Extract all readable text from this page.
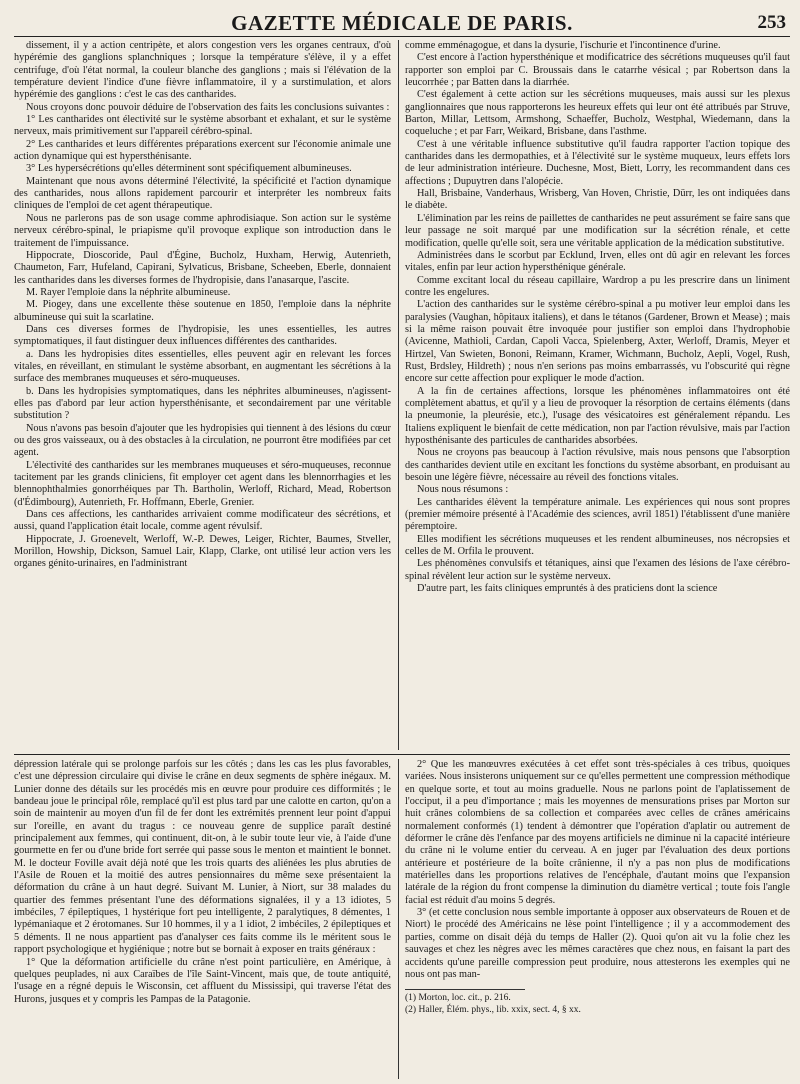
GAZETTE MÉDICALE DE PARIS.	253

dissement, il y a action centripète, et alors congestion vers les organes centraux, d'où hypérémie des ganglions splanchniques ; lorsque la température s'élève, il y a effet centrifuge, d'où l'état normal, la couleur blanche des ganglions ; mais si l'élévation de la température devient l'indice d'une fièvre inflammatoire, il y a surstimulation, et alors hypérémie des ganglions : c'est le cas des cantharides.

Nous croyons donc pouvoir déduire de l'observation des faits les conclusions suivantes :

1° Les cantharides ont électivité sur le système absorbant et exhalant, et sur le système nerveux, mais primitivement sur l'appareil cérébro-spinal.

2° Les cantharides et leurs différentes préparations exercent sur l'économie animale une action dynamique qui est hypersthénisante.

3° Les hypersécrétions qu'elles déterminent sont spécifiquement albumineuses.

Maintenant que nous avons déterminé l'électivité, la spécificité et l'action dynamique des cantharides, nous allons rapidement parcourir et interpréter les nombreux faits cliniques de l'emploi de cet agent thérapeutique.

Nous ne parlerons pas de son usage comme aphrodisiaque. Son action sur le système nerveux cérébro-spinal, le priapisme qu'il provoque explique son introduction dans le traitement de l'impuissance.

Hippocrate, Dioscoride, Paul d'Égine, Bucholz, Huxham, Herwig, Autenrieth, Chaumeton, Farr, Hufeland, Capirani, Sylvaticus, Brisbane, Scheeben, Eberle, donnaient les cantharides dans les diverses formes de l'hydropisie, dans l'anasarque, l'ascite.

M. Rayer l'emploie dans la néphrite albumineuse.

M. Piogey, dans une excellente thèse soutenue en 1850, l'emploie dans la néphrite albumineuse qui suit la scarlatine.

Dans ces diverses formes de l'hydropisie, les unes essentielles, les autres symptomatiques, il faut distinguer deux influences différentes des cantharides.

a. Dans les hydropisies dites essentielles, elles peuvent agir en relevant les forces vitales, en réveillant, en stimulant le système absorbant, en augmentant les sécrétions à la surface des membranes muqueuses et séro-muqueuses.

b. Dans les hydropisies symptomatiques, dans les néphrites albumineuses, n'agissent-elles pas d'abord par leur action hypersthénisante, et secondairement par une véritable substitution ?

Nous n'avons pas besoin d'ajouter que les hydropisies qui tiennent à des lésions du cœur ou des gros vaisseaux, ou à des obstacles à la circulation, ne pourront être modifiées par cet agent.

L'électivité des cantharides sur les membranes muqueuses et séro-muqueuses, reconnue tacitement par les grands cliniciens, fit employer cet agent dans les blennorrhagies et les blennophthalmies gonorrhéiques par Th. Bartholin, Werloff, Richard, Mead, Robertson (d'Édimbourg), Autenrieth, Fr. Hoffmann, Eberle, Grenier.

Dans ces affections, les cantharides arrivaient comme modificateur des sécrétions, et aussi, quand l'application était locale, comme agent révulsif.

Hippocrate, J. Groenevelt, Werloff, W.-P. Dewes, Leiger, Richter, Baumes, Stveller, Morillon, Howship, Dickson, Samuel Lair, Klapp, Clarke, ont utilisé leur action vers les organes génito-urinaires, en l'administrant

comme emménagogue, et dans la dysurie, l'ischurie et l'incontinence d'urine.

C'est encore à l'action hypersthénique et modificatrice des sécrétions muqueuses qu'il faut rapporter son emploi par C. Broussais dans le catarrhe vésical ; par Robertson dans la leucorrhée ; par Batten dans la diarrhée.

C'est également à cette action sur les sécrétions muqueuses, mais aussi sur les plexus ganglionnaires que nous rapporterons les heureux effets qui leur ont été attribués par Struve, Barton, Millar, Lettsom, Armshong, Schaeffer, Bucholz, Westphal, Wiedemann, dans la coqueluche ; et par Farr, Weikard, Brisbane, dans l'asthme.

C'est à une véritable influence substitutive qu'il faudra rapporter l'action topique des cantharides dans les dermopathies, et à l'électivité sur le système muqueux, leurs effets lors de leur administration intérieure. Duchesne, Most, Biett, Lorry, les recommandent dans ces affections ; Dupuytren dans l'alopécie.

Hall, Brisbaine, Vanderhaus, Wrisberg, Van Hoven, Christie, Dürr, les ont indiquées dans le diabète.

L'élimination par les reins de paillettes de cantharides ne peut assurément se faire sans que leur passage ne soit marqué par une modification sur la sécrétion rénale, et cette modification, quelle qu'elle soit, sera une véritable application de la médication substitutive.

Administrées dans le scorbut par Ecklund, Irven, elles ont dû agir en relevant les forces vitales, enfin par leur action hypersthénique générale.

Comme excitant local du réseau capillaire, Wardrop a pu les prescrire dans un liniment contre les engelures.

L'action des cantharides sur le système cérébro-spinal a pu motiver leur emploi dans les paralysies (Vaughan, hôpitaux italiens), et dans le tétanos (Gardener, Brown et Mease) ; mais si la même raison pouvait être invoquée pour justifier son emploi dans l'hydrophobie (Avicenne, Mathioli, Cardan, Capoli Vacca, Spielenberg, Axter, Werloff, Dramis, Meyer et Hirtzel, Van Swieten, Bononi, Reimann, Kramer, Wichmann, Bucholz, Aepli, Vogel, Rush, Rust, Brdsley, Hildreth) ; nous n'en serions pas moins embarrassés, vu l'obscurité qui règne encore sur cette affection pour expliquer le mode d'action.

A la fin de certaines affections, lorsque les phénomènes inflammatoires ont été complètement abattus, et qu'il y a lieu de provoquer la résorption de certains éléments (dans la pneumonie, la pleurésie, etc.), l'usage des vésicatoires est généralement répandu. Les Italiens expliquent le bienfait de cette médication, non par l'action révulsive, mais par l'action hyposthénisante des particules de cantharides absorbées.

Nous ne croyons pas beaucoup à l'action révulsive, mais nous pensons que l'absorption des cantharides devient utile en excitant les fonctions du système absorbant, en produisant au besoin une légère fièvre, nécessaire au réveil des fonctions vitales.

Nous nous résumons :

Les cantharides élèvent la température animale. Les expériences qui nous sont propres (premier mémoire présenté à l'Académie des sciences, avril 1851) l'établissent d'une manière péremptoire.

Elles modifient les sécrétions muqueuses et les rendent albumineuses, nos nécropsies et celles de M. Orfila le prouvent.

Les phénomènes convulsifs et tétaniques, ainsi que l'examen des lésions de l'axe cérébro-spinal révèlent leur action sur le système nerveux.

D'autre part, les faits cliniques empruntés à des praticiens dont la science

dépression latérale qui se prolonge parfois sur les côtés ; dans les cas les plus favorables, c'est une dépression circulaire qui divise le crâne en deux segments de sphère inégaux. M. Lunier donne des détails sur les procédés mis en œuvre pour produire ces difformités ; le bandeau joue le principal rôle, remplacé qu'il est plus tard par une calotte en carton, qu'on a soin de maintenir au moyen d'un fil de fer dont les extrémités prennent leur point d'appui sur l'oreille, en avant du tragus : ce nouveau genre de supplice paraît destiné principalement aux femmes, qui continuent, dit-on, à le subir toute leur vie, à l'aide d'une gourmette en fer ou d'une bride fort serrée qui passe sous le menton et maintient le bonnet. M. le docteur Foville avait déjà noté que les trois quarts des aliénées les plus abruties de l'Asile de Rouen et la moitié des autres pensionnaires du même sexe présentaient la déformation du crâne à un haut degré. Suivant M. Lunier, à Niort, sur 38 malades du quartier des femmes présentant l'une des déformations signalées, il y a 13 idiotes, 5 imbéciles, 7 épileptiques, 1 hystérique fort peu intelligente, 2 paralytiques, 8 démentes, 1 lypémaniaque et 2 érotomanes. Sur 10 hommes, il y a 1 idiot, 2 imbéciles, 2 épileptiques et 5 déments. Il ne nous appartient pas d'analyser ces faits comme ils le méritent sous le rapport psychologique et hygiénique ; notre but se bornait à exposer en traits généraux :

1° Que la déformation artificielle du crâne n'est point particulière, en Amérique, à quelques peuplades, ni aux Caraïbes de l'île Saint-Vincent, mais que, de toute antiquité, l'usage en a régné depuis le Wisconsin, cet affluent du Mississipi, qui traverse l'état des Hurons, jusques et y compris les Pampas de la Patagonie.

2° Que les manœuvres exécutées à cet effet sont très-spéciales à ces tribus, quoiques variées. Nous insisterons uniquement sur ce qu'elles permettent une compression méthodique en quelque sorte, et tout au moins graduelle. Nous ne parlons point de l'aplatissement de l'occiput, il a peu d'importance ; mais les moyennes de mensurations prises par Morton sur huit crânes colombiens de sa collection et comparées avec celles de crânes américains normalement conformés (1) tendent à démontrer que l'opération d'aplatir ou autrement de déformer le crâne dès l'enfance par des moyens artificiels ne diminue ni la capacité intérieure du crâne ni le volume entier du cerveau. A en juger par l'évaluation des deux portions antérieure et postérieure de la boîte crânienne, il n'y a pas non plus de modifications matérielles dans les proportions relatives de l'encéphale, d'autant moins que l'expansion latérale de la région du front compense la diminution du diamètre vertical ; toute fois l'angle facial est réduit d'au moins 5 degrés.

3° (et cette conclusion nous semble importante à opposer aux observateurs de Rouen et de Niort) le procédé des Américains ne lèse point l'intelligence ; il y a accommodement des parties, comme on disait déjà du temps de Haller (2). Quoi qu'on ait vu la folie chez les sauvages et chez les nègres avec les mêmes caractères que chez nous, en faisant la part des accidents qu'une pareille compression peut produire, nous attesterons les exemples qui ne nous ont pas man-

(1) Morton, loc. cit., p. 216.

(2) Haller, Élém. phys., lib. xxix, sect. 4, § xx.
